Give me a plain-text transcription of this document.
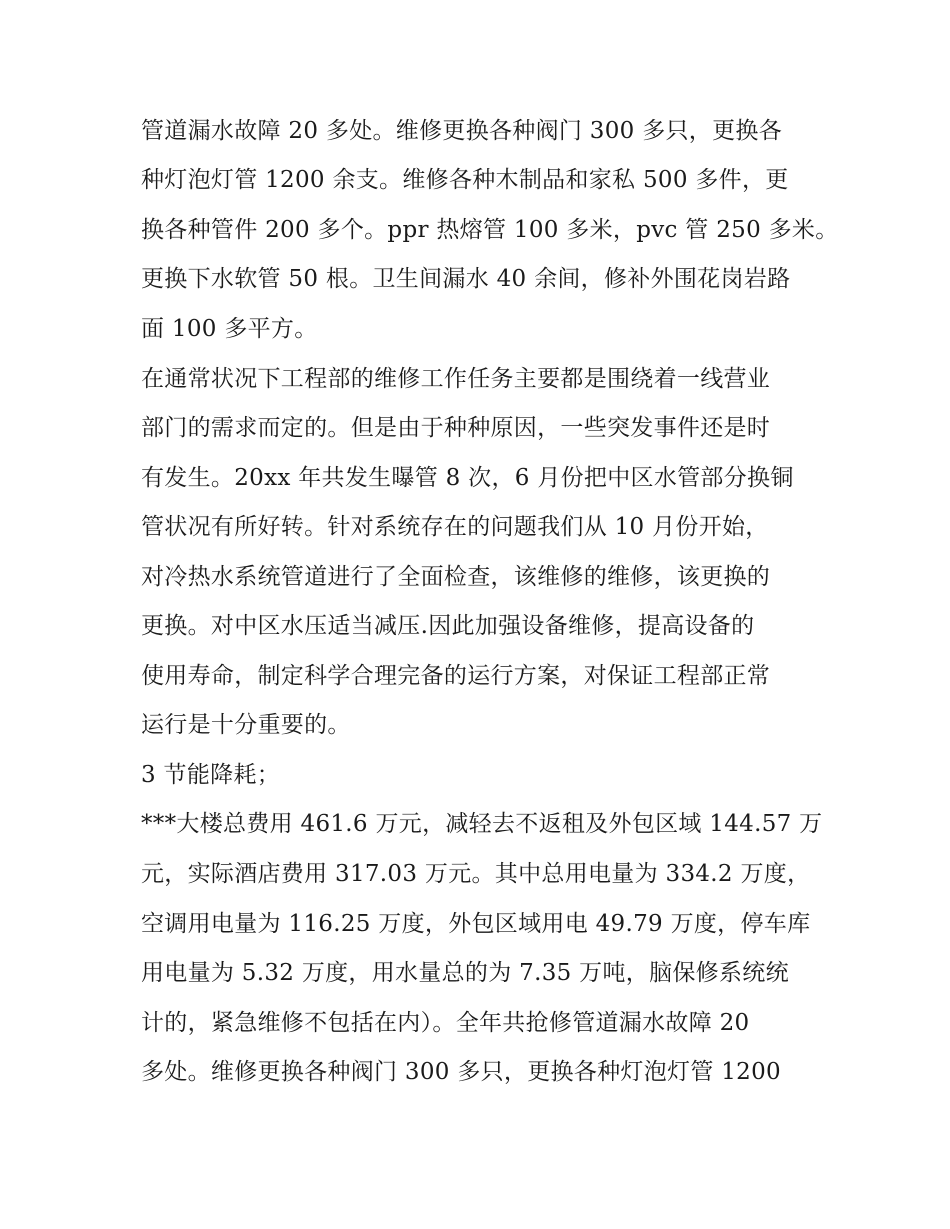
管道漏水故障 20 多处。维修更换各种阀门 300 多只，更换各
种灯泡灯管 1200 余支。维修各种木制品和家私 500 多件，更
换各种管件 200 多个。ppr 热熔管 100 多米，pvc 管 250 多米。
更换下水软管 50 根。卫生间漏水 40 余间，修补外围花岗岩路
面 100 多平方。
在通常状况下工程部的维修工作任务主要都是围绕着一线营业
部门的需求而定的。但是由于种种原因，一些突发事件还是时
有发生。20xx 年共发生曝管 8 次，6 月份把中区水管部分换铜
管状况有所好转。针对系统存在的问题我们从 10 月份开始，
对冷热水系统管道进行了全面检查，该维修的维修，该更换的
更换。对中区水压适当减压.因此加强设备维修，提高设备的
使用寿命，制定科学合理完备的运行方案，对保证工程部正常
运行是十分重要的。
3 节能降耗；
***大楼总费用 461.6 万元，减轻去不返租及外包区域 144.57 万
元，实际酒店费用 317.03 万元。其中总用电量为 334.2 万度，
空调用电量为 116.25 万度，外包区域用电 49.79 万度，停车库
用电量为 5.32 万度，用水量总的为 7.35 万吨，脑保修系统统
计的，紧急维修不包括在内）。全年共抢修管道漏水故障 20
多处。维修更换各种阀门 300 多只，更换各种灯泡灯管 1200
